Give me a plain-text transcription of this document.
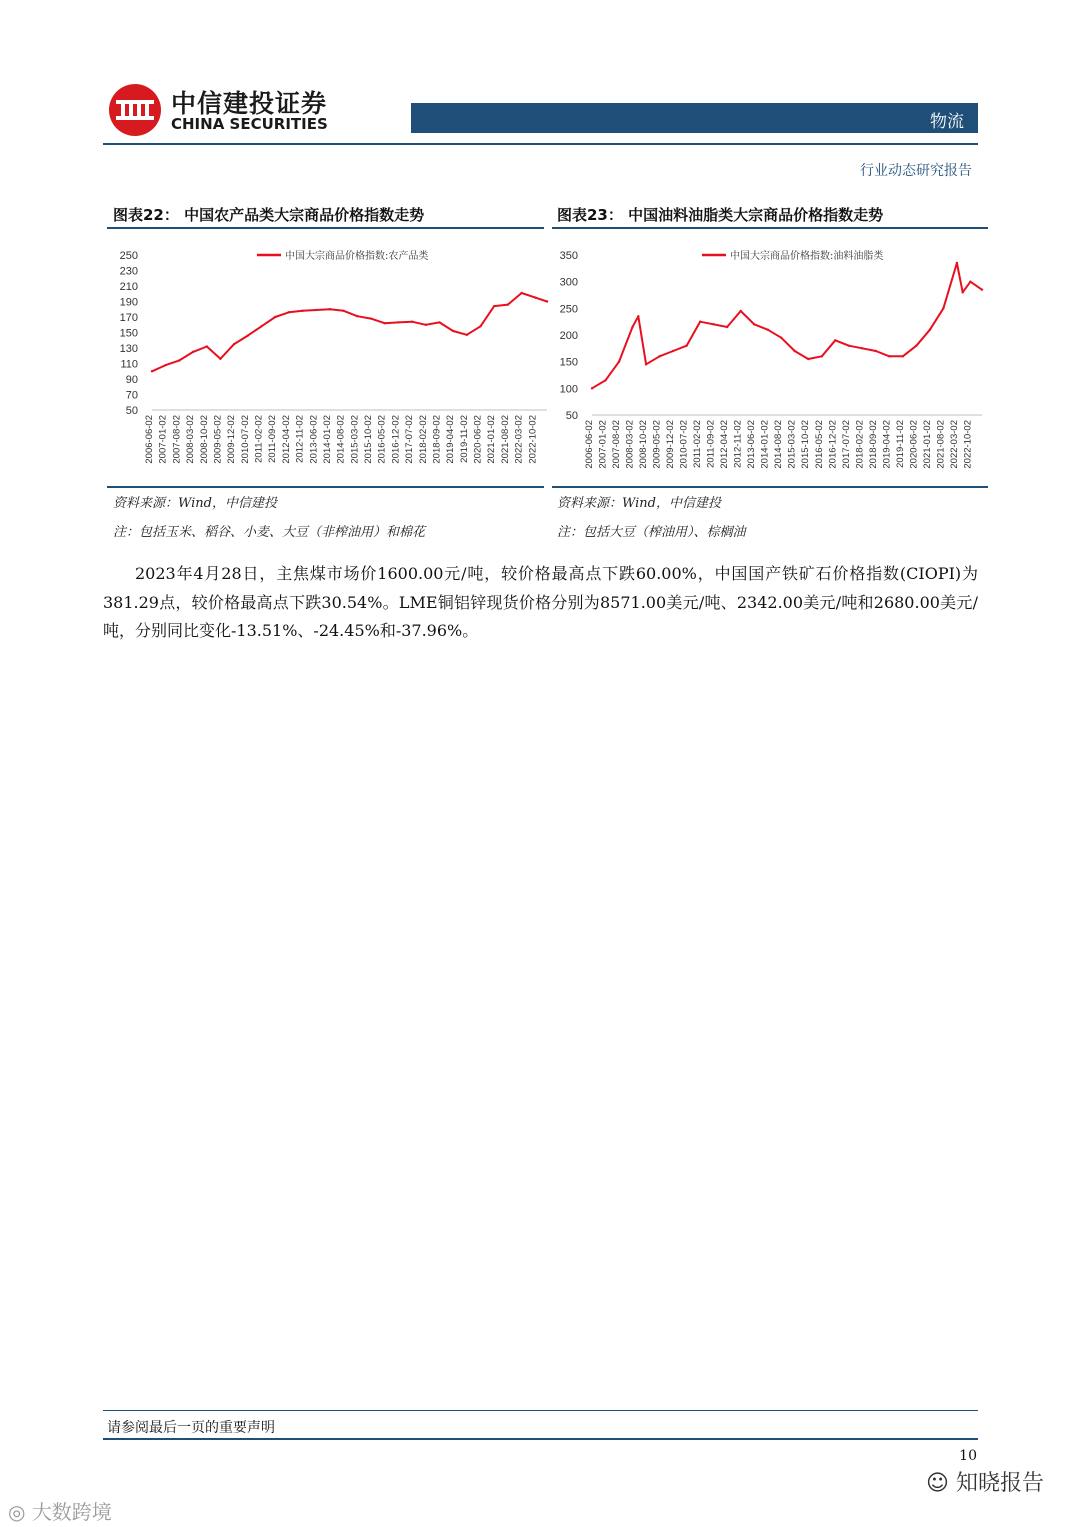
中信建投证券
CHINA SECURITIES	物流
行业动态研究报告
图表22： 中国农产品类大宗商品价格指数走势
250
230
210
190
170
150
130
110
90
70
50
2006-06-02 2007-01-02 2007-08-02 2008-03-02 2008-10-02 2009-05-02 2009-12-02 2010-07-02 2011-02-02 2011-09-02 2012-04-02 2012-11-02 2013-06-02 2014-01-02 2014-08-02 2015-03-02 2015-10-02 2016-05-02 2016-12-02 2017-07-02 2018-02-02 2018-09-02 2019-04-02 2019-11-02 2020-06-02 2021-01-02 2021-08-02 2022-03-02 2022-10-02
中国大宗商品价格指数:农产品类
资料来源：Wind，中信建投
注：包括玉米、稻谷、小麦、大豆（非榨油用）和棉花
图表23： 中国油料油脂类大宗商品价格指数走势
350
300
250
200
150
100
50
2006-06-02 2007-01-02 2007-08-02 2008-03-02 2008-10-02 2009-05-02 2009-12-02 2010-07-02 2011-02-02 2011-09-02 2012-04-02 2012-11-02 2013-06-02 2014-01-02 2014-08-02 2015-03-02 2015-10-02 2016-05-02 2016-12-02 2017-07-02 2018-02-02 2018-09-02 2019-04-02 2019-11-02 2020-06-02 2021-01-02 2021-08-02 2022-03-02 2022-10-02
中国大宗商品价格指数:油料油脂类
资料来源：Wind，中信建投
注：包括大豆（榨油用）、棕榈油

2023年4月28日，主焦煤市场价1600.00元/吨，较价格最高点下跌60.00%，中国国产铁矿石价格指数(CIOPI)为381.29点，较价格最高点下跌30.54%。LME铜铝锌现货价格分别为8571.00美元/吨、2342.00美元/吨和2680.00美元/吨，分别同比变化-13.51%、-24.45%和-37.96%。

请参阅最后一页的重要声明
10
☺ 知晓报告
◎ 大数跨境
